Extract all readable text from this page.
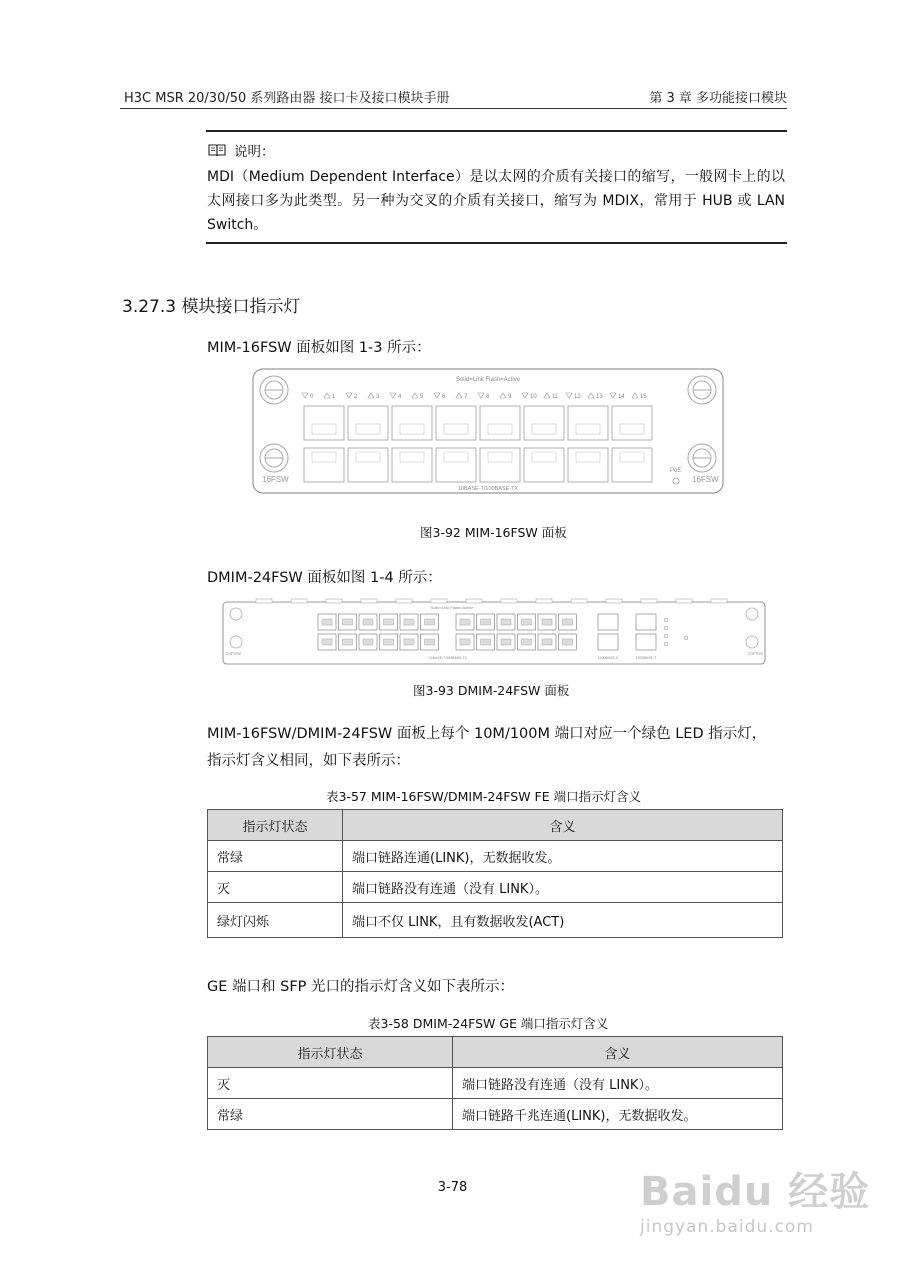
H3C MSR 20/30/50 系列路由器 接口卡及接口模块手册	第 3 章 多功能接口模块
说明：
MDI（Medium Dependent Interface）是以太网的介质有关接口的缩写，一般网卡上的以太网接口多为此类型。另一种为交叉的介质有关接口，缩写为 MDIX，常用于 HUB 或 LAN Switch。
3.27.3 模块接口指示灯
MIM-16FSW 面板如图 1-3 所示：
Solid=Link Flash=Active
0	1	2	3	4	5	6	7	8	9	10	11	12	13	14	15
16FSW	16FSW
PoE
10BASE-T/100BASE-TX
图3-92 MIM-16FSW 面板
DMIM-24FSW 面板如图 1-4 所示：
Solid=Link Flash=Active
24FSW	24FSW
10BASE-T/100BASE-TX	1000BASE-X	1000BASE-T
图3-93 DMIM-24FSW 面板
MIM-16FSW/DMIM-24FSW 面板上每个 10M/100M 端口对应一个绿色 LED 指示灯，
指示灯含义相同，如下表所示：
表3-57 MIM-16FSW/DMIM-24FSW FE 端口指示灯含义
指示灯状态	含义
常绿	端口链路连通(LINK)，无数据收发。
灭	端口链路没有连通（没有 LINK）。
绿灯闪烁	端口不仅 LINK，且有数据收发(ACT)
GE 端口和 SFP 光口的指示灯含义如下表所示：
表3-58 DMIM-24FSW GE 端口指示灯含义
指示灯状态	含义
灭	端口链路没有连通（没有 LINK）。
常绿	端口链路千兆连通(LINK)，无数据收发。
3-78	Baidu 经验
jingyan.baidu.com
